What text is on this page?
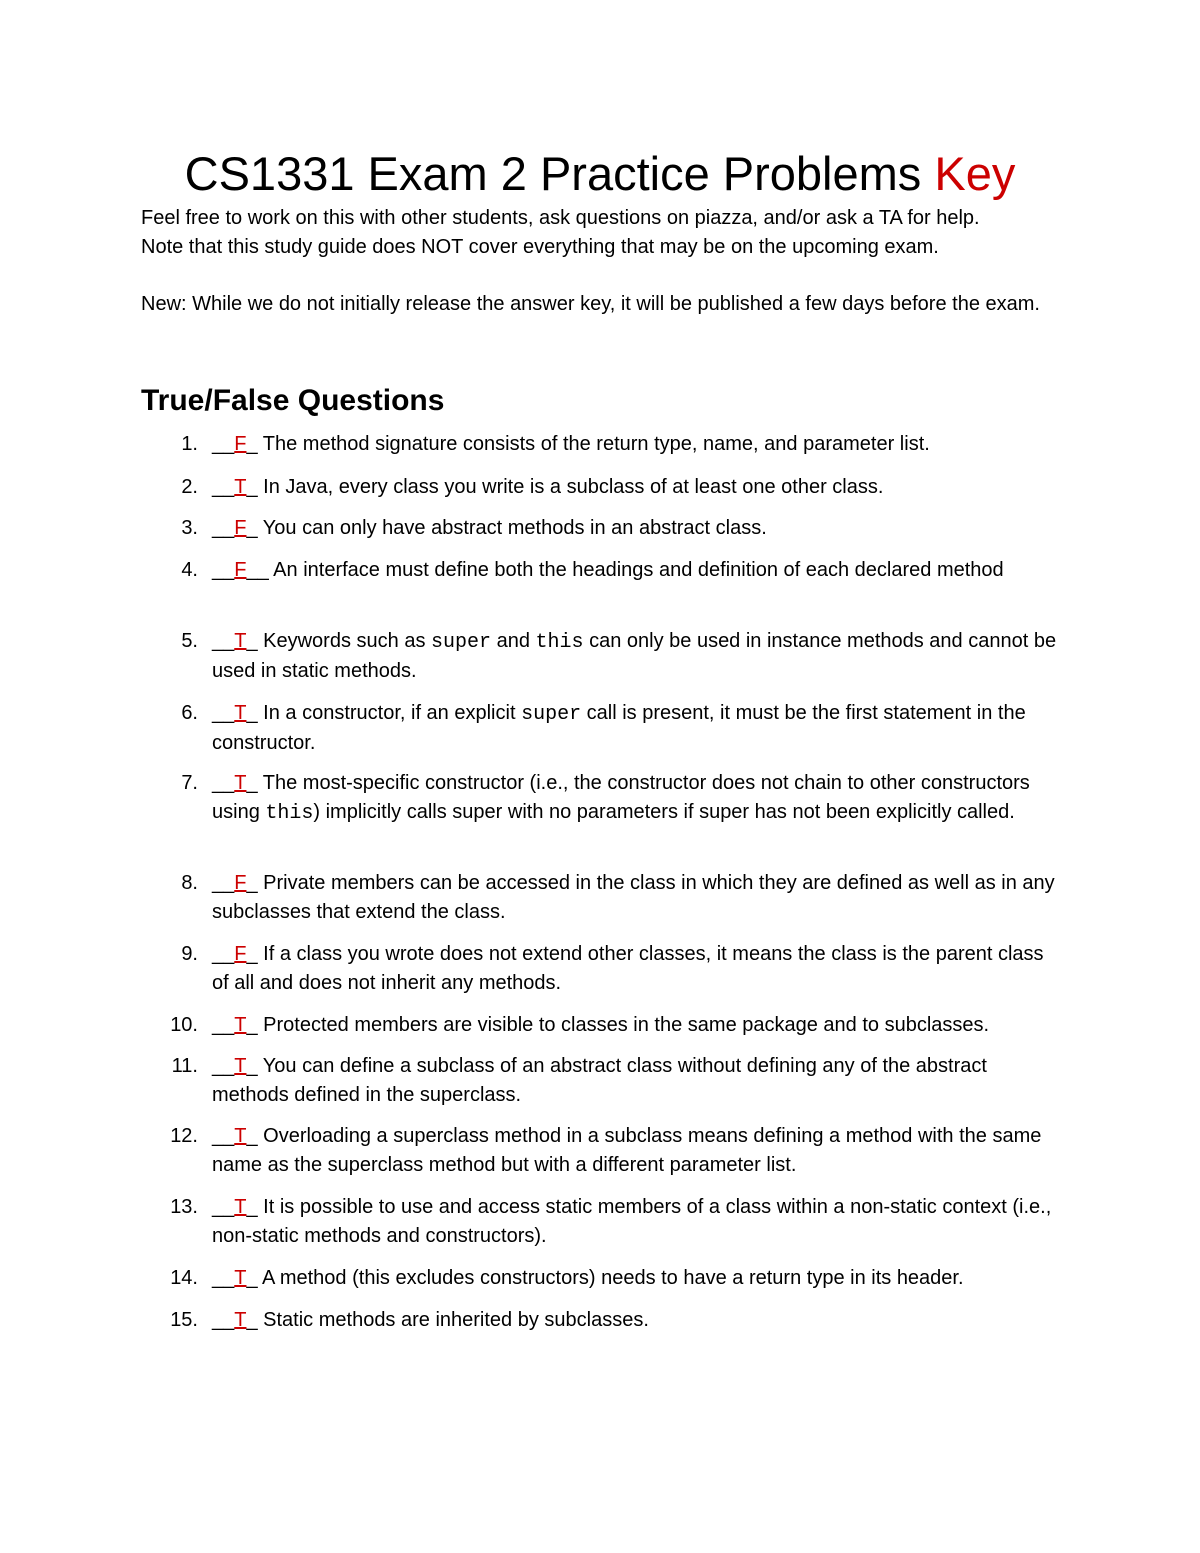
CS1331 Exam 2 Practice Problems Key

Feel free to work on this with other students, ask questions on piazza, and/or ask a TA for help.

Note that this study guide does NOT cover everything that may be on the upcoming exam.

New: While we do not initially release the answer key, it will be published a few days before the exam.

True/False Questions
1. __F_ The method signature consists of the return type, name, and parameter list.
2. __T_ In Java, every class you write is a subclass of at least one other class.
3. __F_ You can only have abstract methods in an abstract class.
4. __F__ An interface must define both the headings and definition of each declared method
5. __T_ Keywords such as super and this can only be used in instance methods and cannot be used in static methods.
6. __T_ In a constructor, if an explicit super call is present, it must be the first statement in the constructor.
7. __T_ The most-specific constructor (i.e., the constructor does not chain to other constructors using this) implicitly calls super with no parameters if super has not been explicitly called.
8. __F_ Private members can be accessed in the class in which they are defined as well as in any subclasses that extend the class.
9. __F_ If a class you wrote does not extend other classes, it means the class is the parent class of all and does not inherit any methods.
10. __T_ Protected members are visible to classes in the same package and to subclasses.
11. __T_ You can define a subclass of an abstract class without defining any of the abstract methods defined in the superclass.
12. __T_ Overloading a superclass method in a subclass means defining a method with the same name as the superclass method but with a different parameter list.
13. __T_ It is possible to use and access static members of a class within a non-static context (i.e., non-static methods and constructors).
14. __T_ A method (this excludes constructors) needs to have a return type in its header.
15. __T_ Static methods are inherited by subclasses.
